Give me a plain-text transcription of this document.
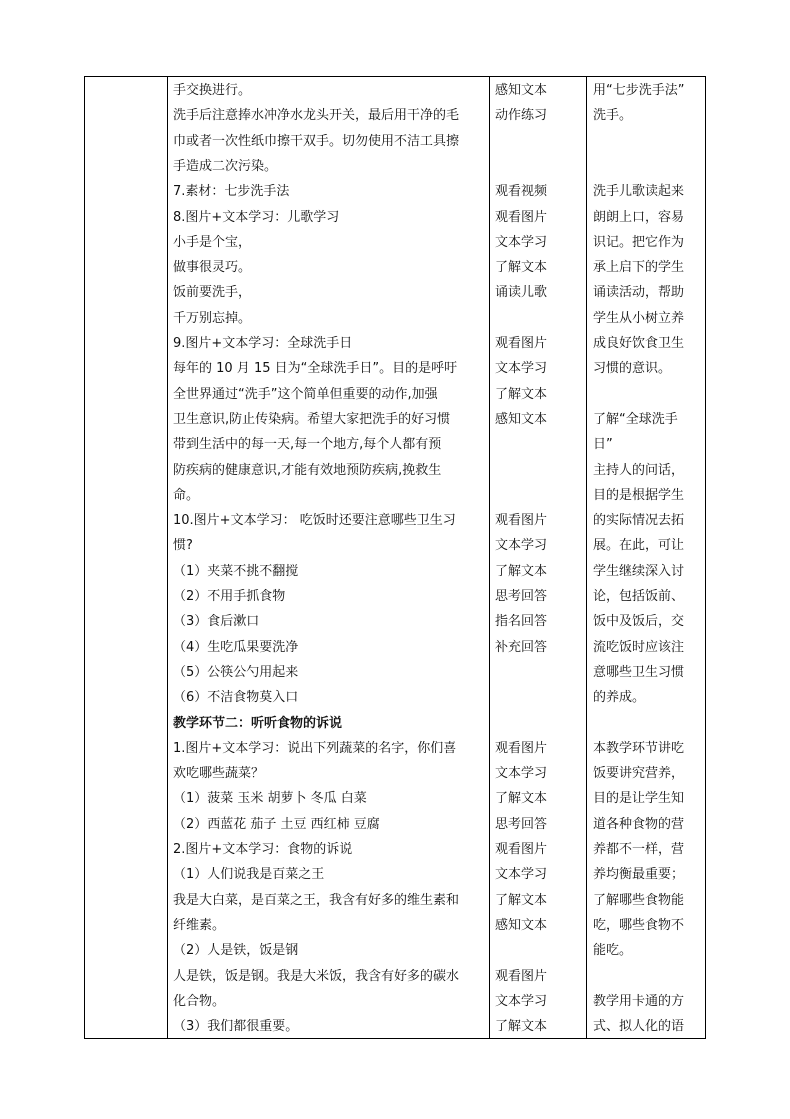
手交换进行。
洗手后注意捧水冲净水龙头开关，最后用干净的毛
巾或者一次性纸巾擦干双手。切勿使用不洁工具擦
手造成二次污染。
7.素材：七步洗手法
8.图片+文本学习：儿歌学习
小手是个宝，
做事很灵巧。
饭前要洗手，
千万别忘掉。
9.图片+文本学习：全球洗手日
每年的 10 月 15 日为“全球洗手日”。目的是呼吁
全世界通过“洗手”这个简单但重要的动作,加强
卫生意识,防止传染病。希望大家把洗手的好习惯
带到生活中的每一天,每一个地方,每个人都有预
防疾病的健康意识,才能有效地预防疾病,挽救生
命。
10.图片+文本学习： 吃饭时还要注意哪些卫生习
惯?
（1）夹菜不挑不翻搅
（2）不用手抓食物
（3）食后漱口
（4）生吃瓜果要洗净
（5）公筷公勺用起来
（6）不洁食物莫入口
教学环节二：听听食物的诉说
1.图片+文本学习：说出下列蔬菜的名字，你们喜
欢吃哪些蔬菜？
（1）菠菜 玉米 胡萝卜 冬瓜 白菜
（2）西蓝花 茄子 土豆 西红柿 豆腐
2.图片+文本学习：食物的诉说
（1）人们说我是百菜之王
我是大白菜，是百菜之王，我含有好多的维生素和
纤维素。
（2）人是铁，饭是钢
人是铁，饭是钢。我是大米饭，我含有好多的碳水
化合物。
（3）我们都很重要。
感知文本
动作练习
观看视频
观看图片
文本学习
了解文本
诵读儿歌
观看图片
文本学习
了解文本
感知文本
观看图片
文本学习
了解文本
思考回答
指名回答
补充回答
观看图片
文本学习
了解文本
思考回答
观看图片
文本学习
了解文本
感知文本
观看图片
文本学习
了解文本
用“七步洗手法”
洗手。
洗手儿歌读起来
朗朗上口，容易
识记。把它作为
承上启下的学生
诵读活动，帮助
学生从小树立养
成良好饮食卫生
习惯的意识。
了解“全球洗手
日”
主持人的问话，
目的是根据学生
的实际情况去拓
展。在此，可让
学生继续深入讨
论，包括饭前、
饭中及饭后，交
流吃饭时应该注
意哪些卫生习惯
的养成。
本教学环节讲吃
饭要讲究营养，
目的是让学生知
道各种食物的营
养都不一样，营
养均衡最重要；
了解哪些食物能
吃，哪些食物不
能吃。
教学用卡通的方
式、拟人化的语
